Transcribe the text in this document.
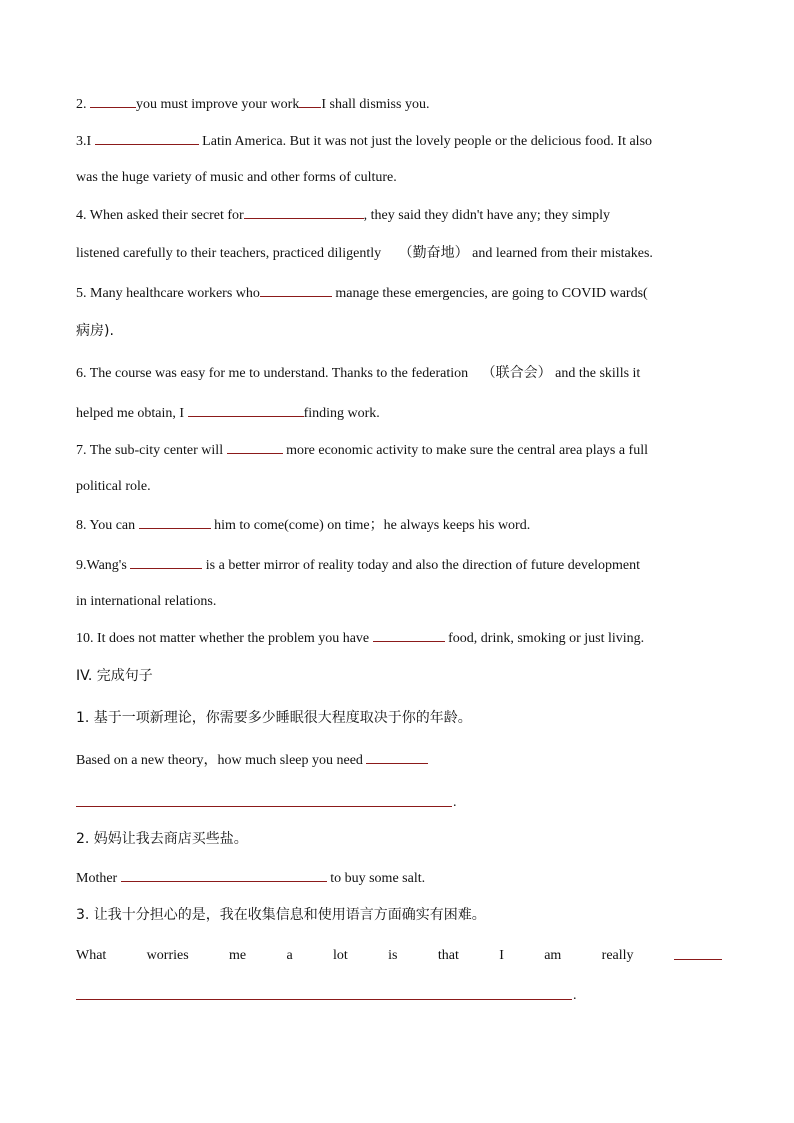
2.	you must improve your work I shall dismiss you.
3.I	Latin America. But it was not just the lovely people or the delicious food. It also
was the huge variety of music and other forms of culture.
4. When asked their secret for	, they said they didn't have any; they simply
listened carefully to their teachers, practiced diligently （勤奋地） and learned from their mistakes.
5. Many healthcare workers who	manage these emergencies, are going to COVID wards(
病房).
6. The course was easy for me to understand. Thanks to the federation （联合会） and the skills it
helped me obtain, I	finding work.
7. The sub-city center will	more economic activity to make sure the central area plays a full
political role.
8. You can	him to come(come) on time；he always keeps his word.
9.Wang's	is a better mirror of reality today and also the direction of future development
in international relations.
10. It does not matter whether the problem you have	food, drink, smoking or just living.
IV. 完成句子
1. 基于一项新理论，你需要多少睡眠很大程度取决于你的年龄。
Based on a new theory，how much sleep you need
.
2. 妈妈让我去商店买些盐。
Mother	to buy some salt.
3. 让我十分担心的是，我在收集信息和使用语言方面确实有困难。
What	worries	me	a	lot	is	that	I	am	really
.
